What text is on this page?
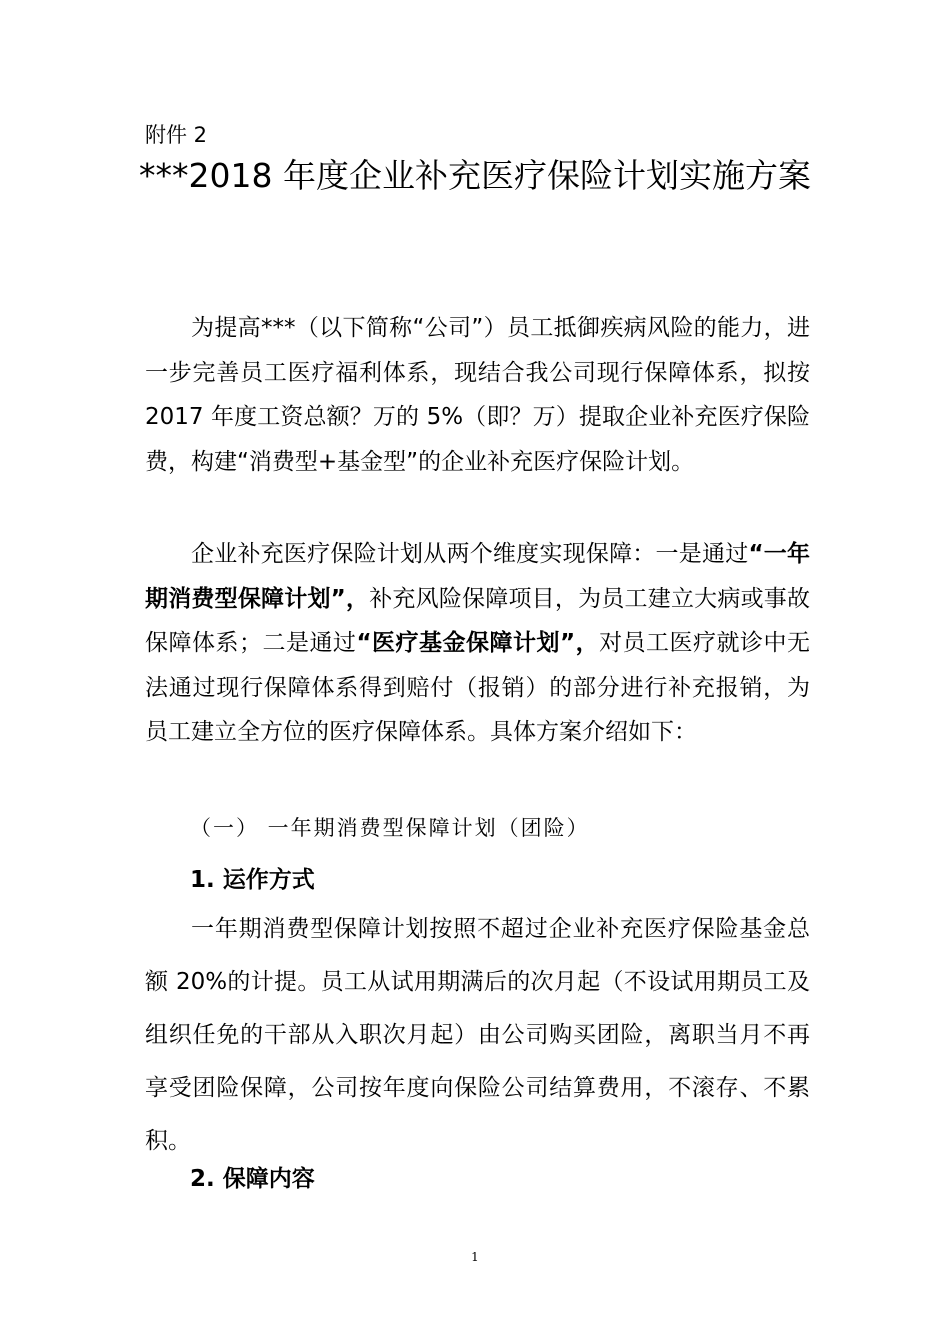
附件 2
***2018 年度企业补充医疗保险计划实施方案
为提高***（以下简称“公司”）员工抵御疾病风险的能力，进一步完善员工医疗福利体系，现结合我公司现行保障体系，拟按 2017 年度工资总额？万的 5%（即？万）提取企业补充医疗保险费，构建“消费型+基金型”的企业补充医疗保险计划。
企业补充医疗保险计划从两个维度实现保障：一是通过“一年期消费型保障计划”，补充风险保障项目，为员工建立大病或事故保障体系；二是通过“医疗基金保障计划”，对员工医疗就诊中无法通过现行保障体系得到赔付（报销）的部分进行补充报销，为员工建立全方位的医疗保障体系。具体方案介绍如下：
（一） 一年期消费型保障计划（团险）
1. 运作方式
一年期消费型保障计划按照不超过企业补充医疗保险基金总额 20%的计提。员工从试用期满后的次月起（不设试用期员工及组织任免的干部从入职次月起）由公司购买团险，离职当月不再享受团险保障，公司按年度向保险公司结算费用，不滚存、不累积。
2. 保障内容
1
